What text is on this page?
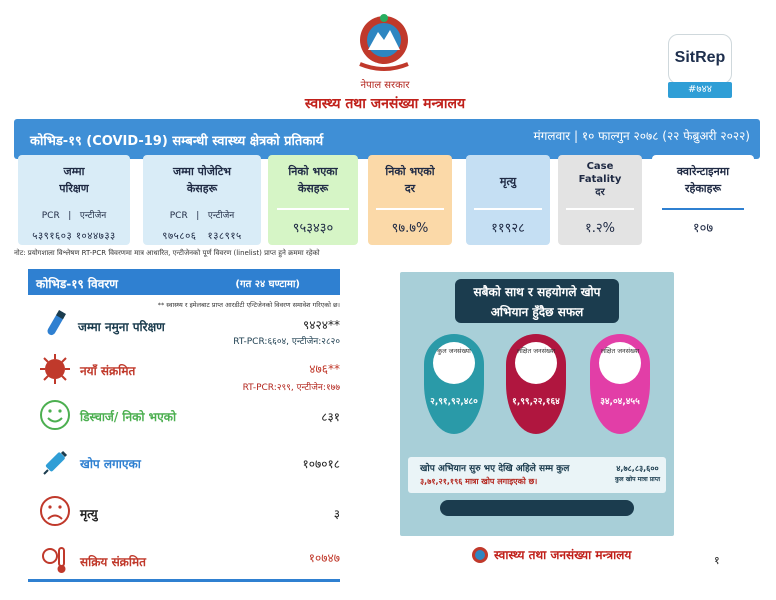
नेपाल सरकार
स्वास्थ्य तथा जनसंख्या मन्त्रालय
SitRep
#७४४
कोभिड-१९ (COVID-19) सम्बन्धी स्वास्थ्य क्षेत्रको प्रतिकार्य	मंगलवार | १० फाल्गुन २०७८ (२२ फेब्रुअरी २०२२)
जम्मा
परिक्षण
PCR   |   एन्टीजेन
५३९१६०३ १०४४७३३
जम्मा पोजेटिभ
केसहरू
PCR   |   एन्टीजेन
९७५८०६ १३८९१५
निको भएका
केसहरू
९५३४३०
निको भएको
दर
९७.७%
मृत्यु
११९२८
Case
Fatality
दर
१.२%
क्वारेन्टाइनमा
रहेकाहरू
१०७
नोट: प्रयोगशाला विश्लेषण RT-PCR विवरणमा मात्र आधारित, एन्टीजेनको पूर्ण विवरण (linelist) प्राप्त हुने क्रममा रहेको
कोभिड-१९ विवरण	(गत २४ घण्टामा)
** स्वास्थ्य र इमेलबाट प्राप्त आरडीटी एन्टिजेनको विवरण समावेश गरिएको छ।
जम्मा नमुना परिक्षण	९४२४**
RT-PCR:६६०४, एन्टीजेन:२८२०
नयाँ संक्रमित	४७६**
RT-PCR:२९९, एन्टीजेन:१७७
डिस्चार्ज/ निको भएको	८३१
खोप लगाएका	१०७०१८
मृत्यु	३
सक्रिय संक्रमित	१०७४७
सबैको साथ र सहयोगले खोप
अभियान हुँदैछ सफल
कुल जनसंख्या
२,९१,९२,४८०
लक्षित जनसंख्या
१,९९,२२,१६४
लक्षित जनसंख्या
३४,०४,४५५
खोप अभियान सुरु भए देखि अहिले सम्म कुल
३,७१,२१,१९६ मात्रा खोप लगाइएको छ।
४,७८,८३,६००
कुल खोप मात्रा प्राप्त
स्वास्थ्य तथा जनसंख्या मन्त्रालय	१
